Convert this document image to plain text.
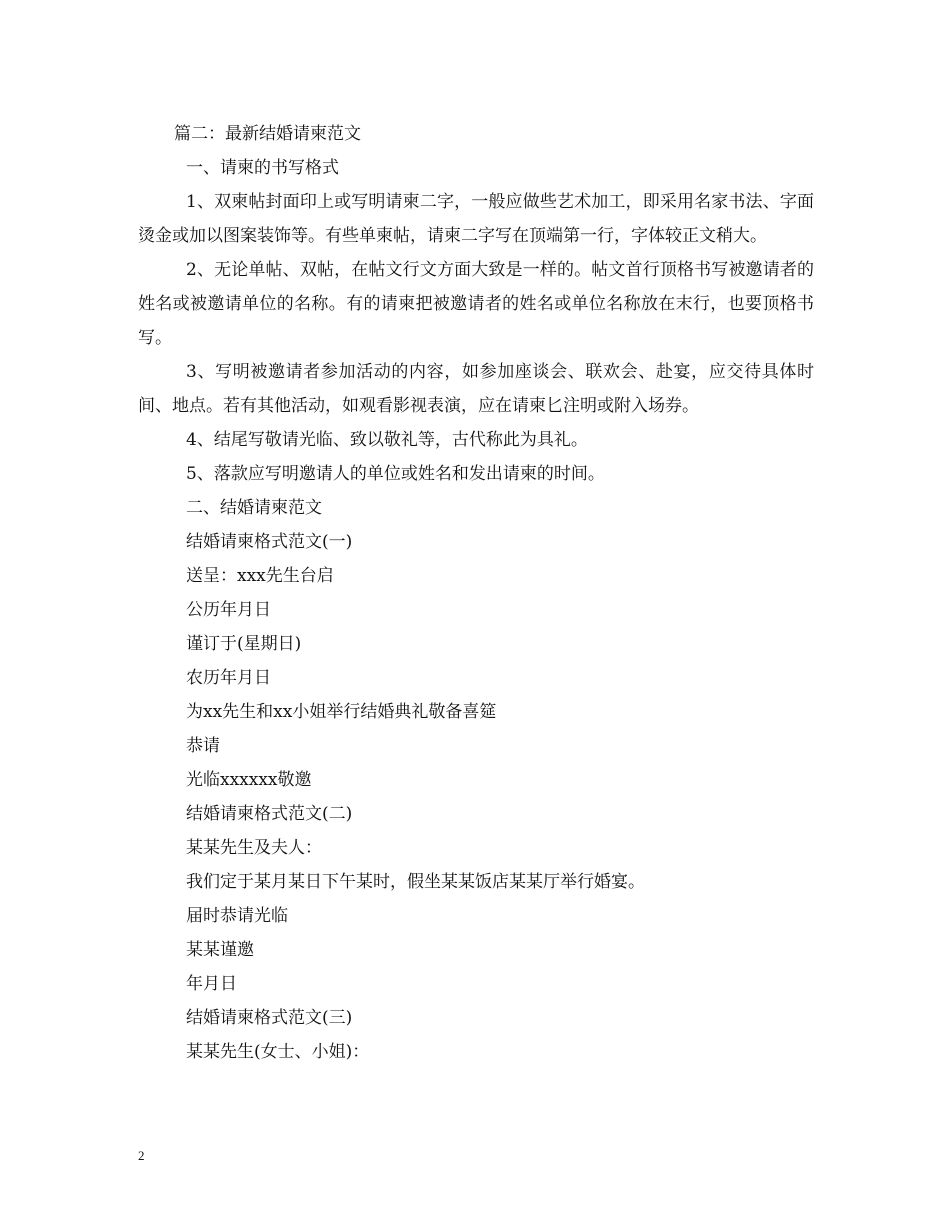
篇二：最新结婚请柬范文
一、请柬的书写格式

1、双柬帖封面印上或写明请柬二字，一般应做些艺术加工，即采用名家书法、字面烫金或加以图案装饰等。有些单柬帖，请柬二字写在顶端第一行，字体较正文稍大。

2、无论单帖、双帖，在帖文行文方面大致是一样的。帖文首行顶格书写被邀请者的姓名或被邀请单位的名称。有的请柬把被邀请者的姓名或单位名称放在末行，也要顶格书写。

3、写明被邀请者参加活动的内容，如参加座谈会、联欢会、赴宴，应交待具体时间、地点。若有其他活动，如观看影视表演，应在请柬匕注明或附入场券。

4、结尾写敬请光临、致以敬礼等，古代称此为具礼。

5、落款应写明邀请人的单位或姓名和发出请柬的时间。

二、结婚请柬范文
结婚请柬格式范文(一)
送呈：xxx先生台启
公历年月日
谨订于(星期日)
农历年月日
为xx先生和xx小姐举行结婚典礼敬备喜筵
恭请
光临xxxxxx敬邀
结婚请柬格式范文(二)
某某先生及夫人：
我们定于某月某日下午某时，假坐某某饭店某某厅举行婚宴。
届时恭请光临
某某谨邀
年月日
结婚请柬格式范文(三)
某某先生(女士、小姐)：
2
